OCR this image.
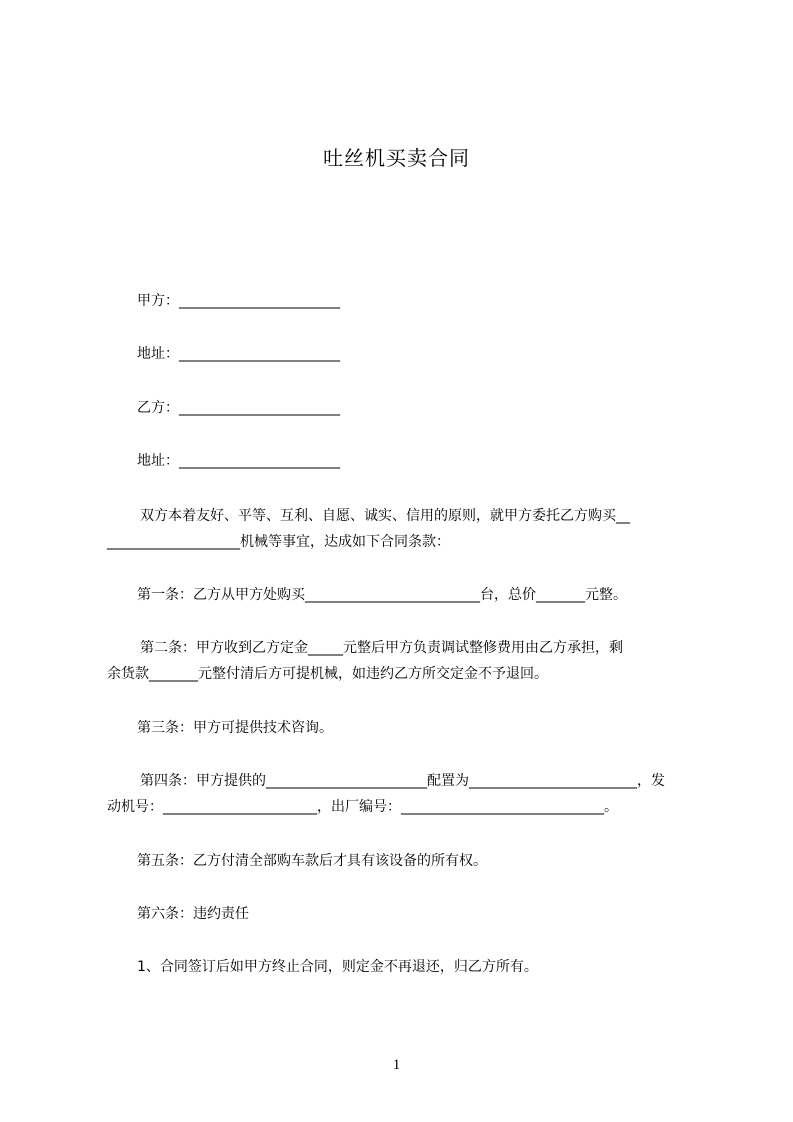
吐丝机买卖合同
甲方：_______________________
地址：_______________________
乙方：_______________________
地址：_______________________
双方本着友好、平等、互利、自愿、诚实、信用的原则，就甲方委托乙方购买__
___________________机械等事宜，达成如下合同条款：
第一条：乙方从甲方处购买_________________________台，总价_______元整。
第二条：甲方收到乙方定金_____元整后甲方负责调试整修费用由乙方承担，剩
余货款_______元整付清后方可提机械，如违约乙方所交定金不予退回。
第三条：甲方可提供技术咨询。
第四条：甲方提供的_______________________配置为________________________，发
动机号：______________________，出厂编号：_____________________________。
第五条：乙方付清全部购车款后才具有该设备的所有权。
第六条：违约责任
1、合同签订后如甲方终止合同，则定金不再退还，归乙方所有。
1
